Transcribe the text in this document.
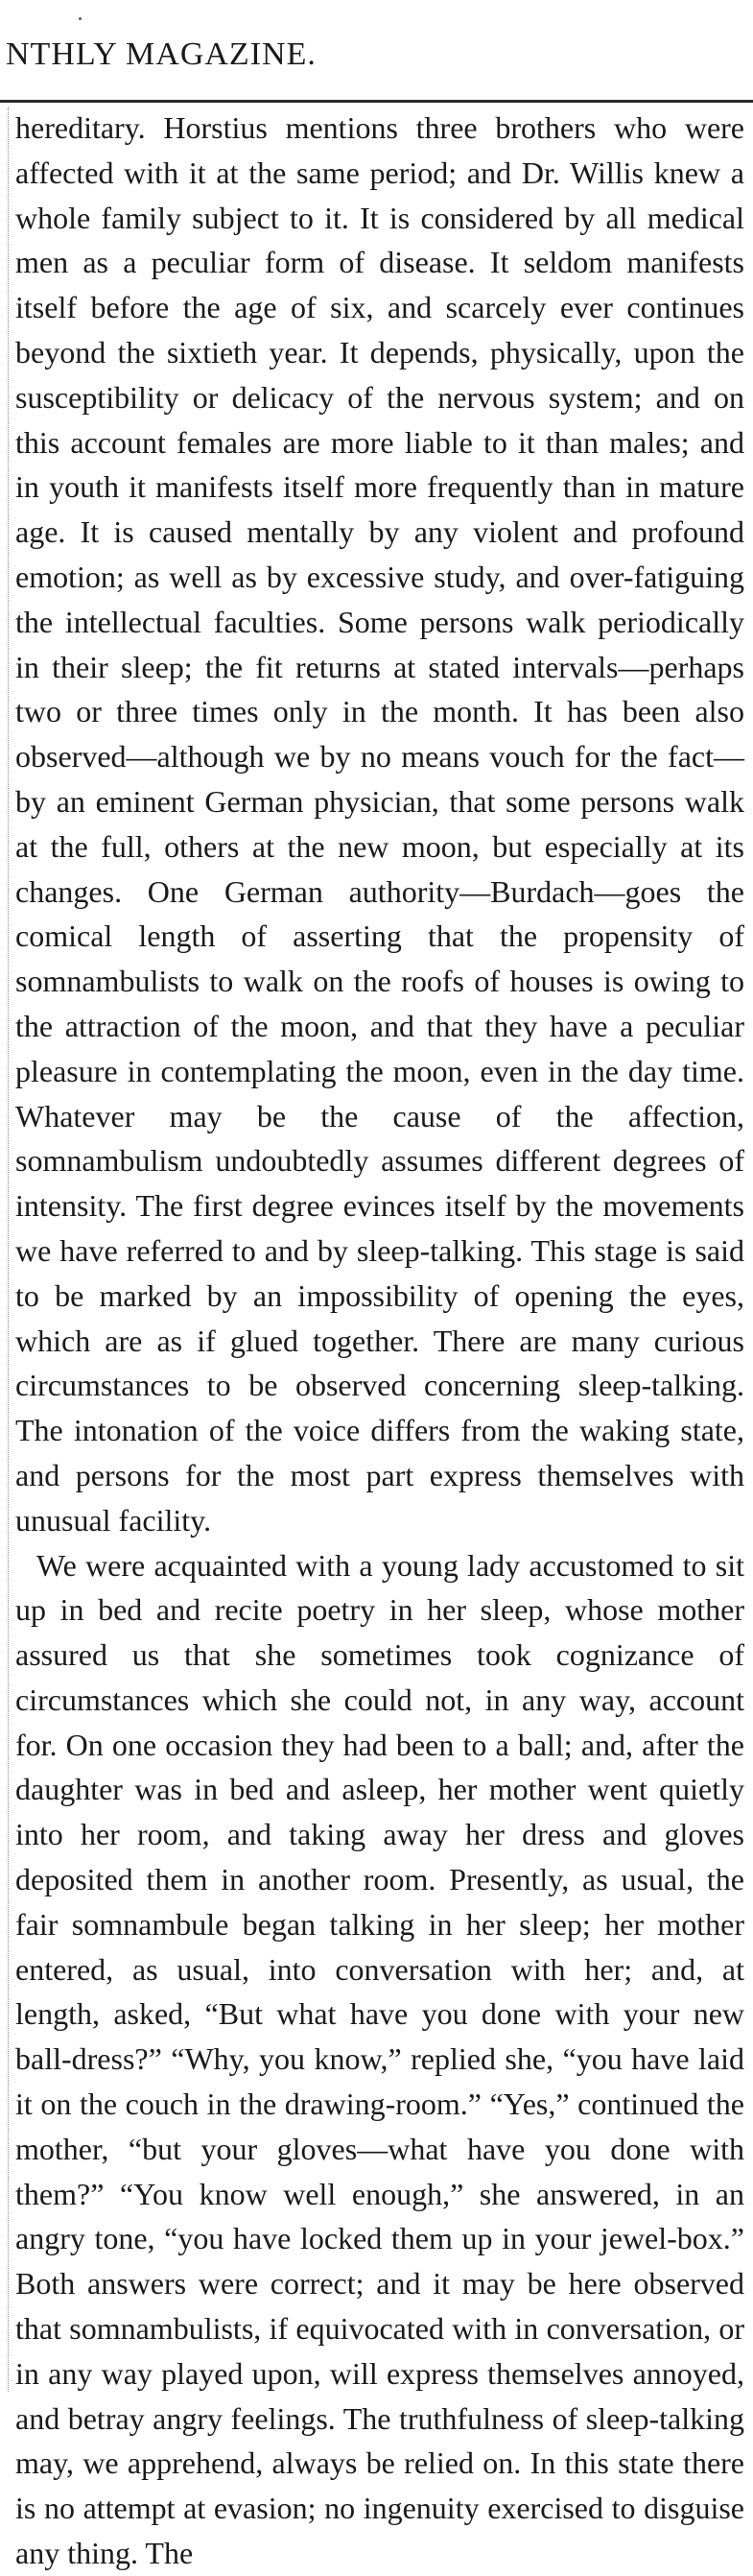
NTHLY MAGAZINE.

hereditary. Horstius mentions three brothers who were affected with it at the same period; and Dr. Willis knew a whole family subject to it. It is considered by all medical men as a peculiar form of disease. It seldom manifests itself before the age of six, and scarcely ever continues beyond the sixtieth year. It depends, physically, upon the susceptibility or delicacy of the nervous system; and on this account females are more liable to it than males; and in youth it manifests itself more frequently than in mature age. It is caused mentally by any violent and profound emotion; as well as by excessive study, and over-fatiguing the intellectual faculties. Some persons walk periodically in their sleep; the fit returns at stated intervals—perhaps two or three times only in the month. It has been also observed—although we by no means vouch for the fact—by an eminent German physician, that some persons walk at the full, others at the new moon, but especially at its changes. One German authority—Burdach—goes the comical length of asserting that the propensity of somnambulists to walk on the roofs of houses is owing to the attraction of the moon, and that they have a peculiar pleasure in contemplating the moon, even in the day time. Whatever may be the cause of the affection, somnambulism undoubtedly assumes different degrees of intensity. The first degree evinces itself by the movements we have referred to and by sleep-talking. This stage is said to be marked by an impossibility of opening the eyes, which are as if glued together. There are many curious circumstances to be observed concerning sleep-talking. The intonation of the voice differs from the waking state, and persons for the most part express themselves with unusual facility.

We were acquainted with a young lady accustomed to sit up in bed and recite poetry in her sleep, whose mother assured us that she sometimes took cognizance of circumstances which she could not, in any way, account for. On one occasion they had been to a ball; and, after the daughter was in bed and asleep, her mother went quietly into her room, and taking away her dress and gloves deposited them in another room. Presently, as usual, the fair somnambule began talking in her sleep; her mother entered, as usual, into conversation with her; and, at length, asked, “But what have you done with your new ball-dress?” “Why, you know,” replied she, “you have laid it on the couch in the drawing-room.” “Yes,” continued the mother, “but your gloves—what have you done with them?” “You know well enough,” she answered, in an angry tone, “you have locked them up in your jewel-box.” Both answers were correct; and it may be here observed that somnambulists, if equivocated with in conversation, or in any way played upon, will express themselves annoyed, and betray angry feelings. The truthfulness of sleep-talking may, we apprehend, always be relied on. In this state there is no attempt at evasion; no ingenuity exercised to disguise any thing. The
